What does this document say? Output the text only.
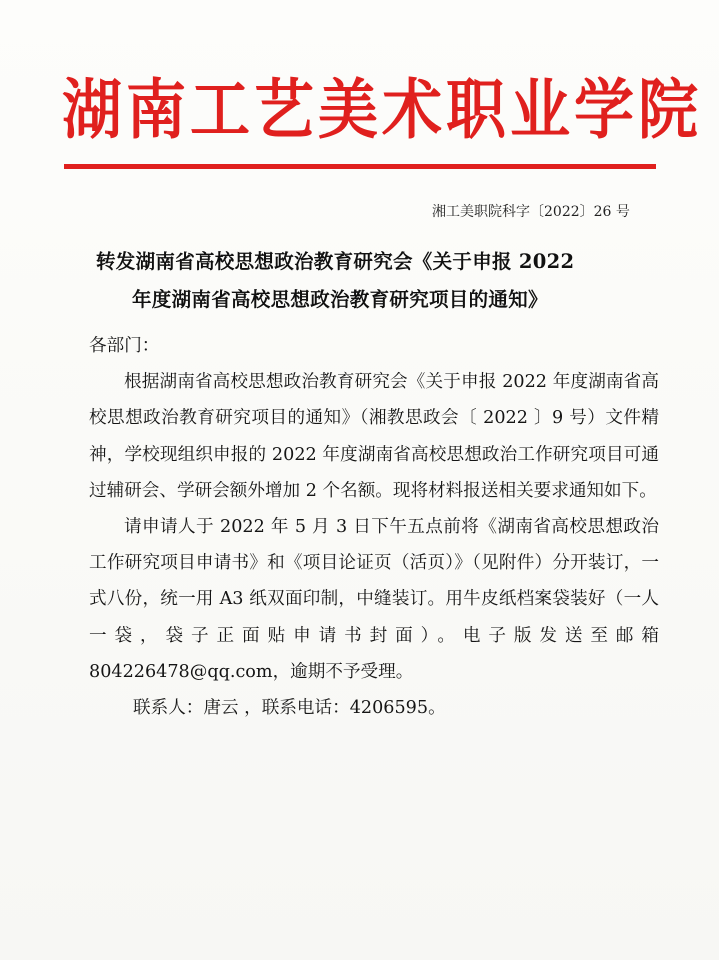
湖南工艺美术职业学院
湘工美职院科字〔2022〕26 号
转发湖南省高校思想政治教育研究会《关于申报 2022
年度湖南省高校思想政治教育研究项目的通知》

各部门：

根据湖南省高校思想政治教育研究会《关于申报 2022 年度湖南省高校思想政治教育研究项目的通知》（湘教思政会〔 2022 〕9 号）文件精神，学校现组织申报的 2022 年度湖南省高校思想政治工作研究项目可通过辅研会、学研会额外增加 2 个名额。现将材料报送相关要求通知如下。

请申请人于 2022 年 5 月 3 日下午五点前将《湖南省高校思想政治工作研究项目申请书》和《项目论证页（活页）》（见附件）分开装订，一式八份，统一用 A3 纸双面印制，中缝装订。用牛皮纸档案袋装好（一人一袋，袋子正面贴申请书封面）。电子版发送至邮箱 804226478@qq.com，逾期不予受理。

联系人：唐云 ，联系电话：4206595。
